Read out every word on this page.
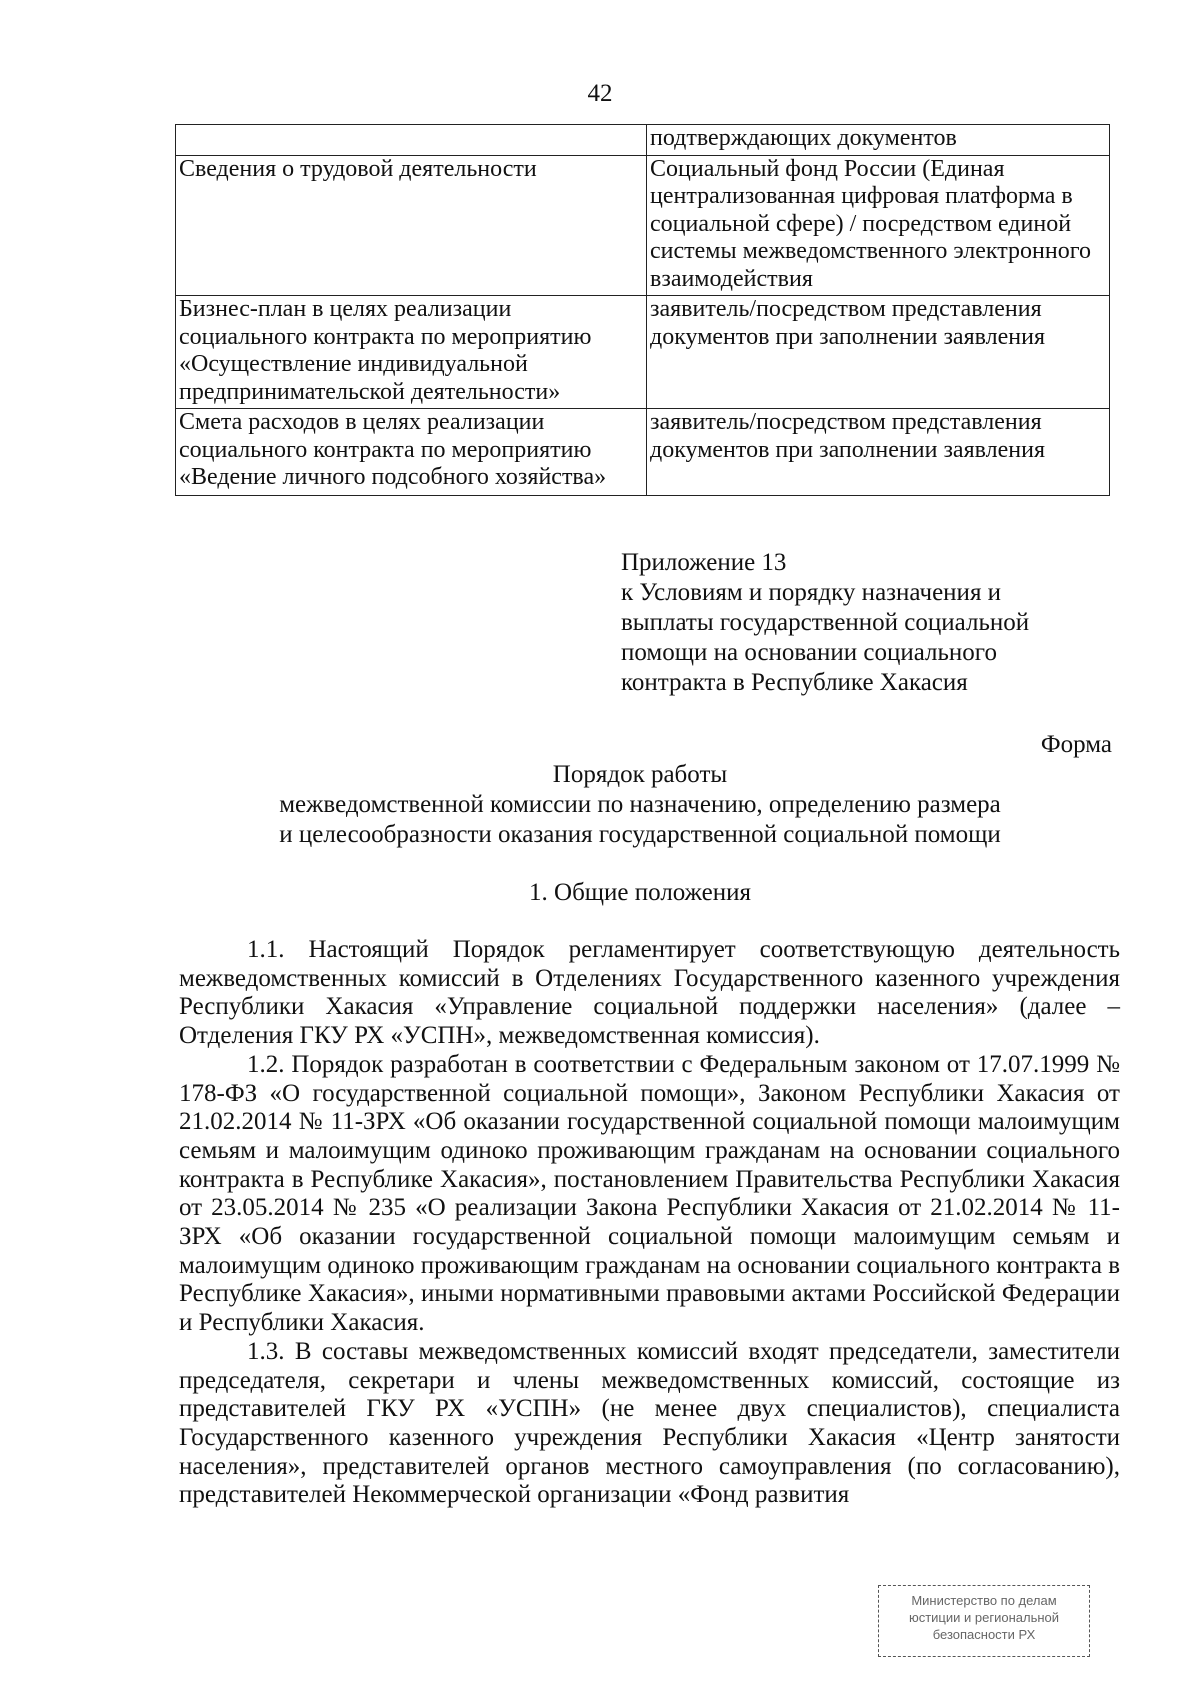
42
	подтверждающих документов
Сведения о трудовой деятельности	Социальный фонд России (Единая централизованная цифровая платформа в социальной сфере) / посредством единой системы межведомственного электронного взаимодействия
Бизнес-план в целях реализации социального контракта по мероприятию «Осуществление индивидуальной предпринимательской деятельности»	заявитель/посредством представления документов при заполнении заявления
Смета расходов в целях реализации социального контракта по мероприятию «Ведение личного подсобного хозяйства»	заявитель/посредством представления документов при заполнении заявления
Приложение 13
к Условиям и порядку назначения и
выплаты государственной социальной
помощи на основании социального
контракта в Республике Хакасия
Форма
Порядок работы
межведомственной комиссии по назначению, определению размера
и целесообразности оказания государственной социальной помощи
1. Общие положения

1.1. Настоящий Порядок регламентирует соответствующую деятельность межведомственных комиссий в Отделениях Государственного казенного учреждения Республики Хакасия «Управление социальной поддержки населения» (далее – Отделения ГКУ РХ «УСПН», межведомственная комиссия).

1.2. Порядок разработан в соответствии с Федеральным законом от 17.07.1999 № 178-ФЗ «О государственной социальной помощи», Законом Республики Хакасия от 21.02.2014 № 11-ЗРХ «Об оказании государственной социальной помощи малоимущим семьям и малоимущим одиноко проживающим гражданам на основании социального контракта в Республике Хакасия», постановлением Правительства Республики Хакасия от 23.05.2014 № 235 «О реализации Закона Республики Хакасия от 21.02.2014 № 11-ЗРХ «Об оказании государственной социальной помощи малоимущим семьям и малоимущим одиноко проживающим гражданам на основании социального контракта в Республике Хакасия», иными нормативными правовыми актами Российской Федерации и Республики Хакасия.

1.3. В составы межведомственных комиссий входят председатели, заместители председателя, секретари и члены межведомственных комиссий, состоящие из представителей ГКУ РХ «УСПН» (не менее двух специалистов), специалиста Государственного казенного учреждения Республики Хакасия «Центр занятости населения», представителей органов местного самоуправления (по согласованию), представителей Некоммерческой организации «Фонд развития

Министерство по делам
юстиции и региональной
безопасности РХ
